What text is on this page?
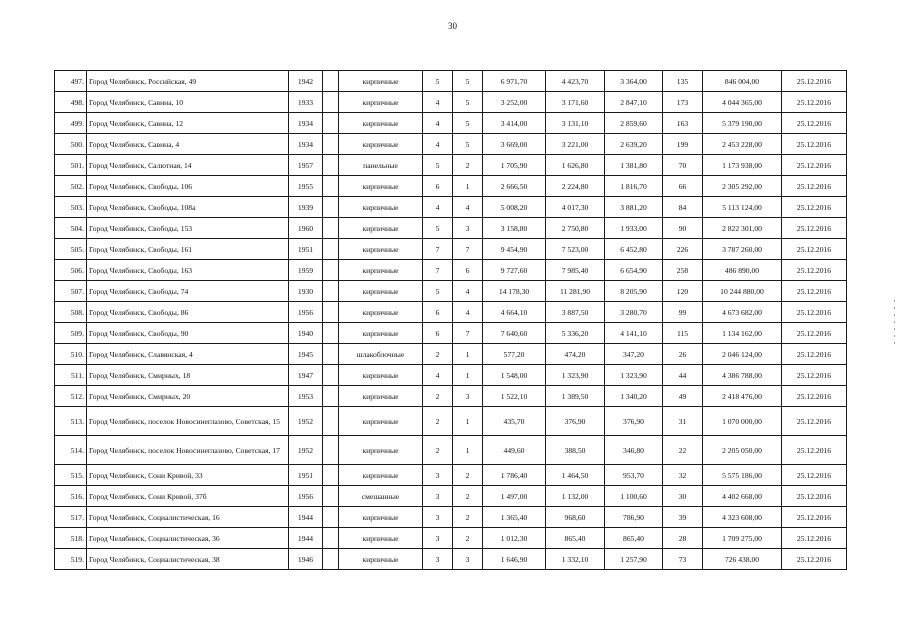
30
497.	Город Челябинск, Российская, 49	1942		кирпичные	5	5	6 971,70	4 423,70	3 364,00	135	846 004,00	25.12.2016
498.	Город Челябинск, Савина, 10	1933		кирпичные	4	5	3 252,00	3 171,60	2 847,10	173	4 044 365,00	25.12.2016
499.	Город Челябинск, Савина, 12	1934		кирпичные	4	5	3 414,00	3 131,10	2 859,60	163	5 379 190,00	25.12.2016
500.	Город Челябинск, Савина, 4	1934		кирпичные	4	5	3 669,00	3 221,00	2 639,20	199	2 453 228,00	25.12.2016
501.	Город Челябинск, Салютная, 14	1957		панельные	5	2	1 705,90	1 626,80	1 381,80	70	1 173 938,00	25.12.2016
502.	Город Челябинск, Свободы, 106	1955		кирпичные	6	1	2 666,50	2 224,80	1 816,70	66	2 305 292,00	25.12.2016
503.	Город Челябинск, Свободы, 108а	1939		кирпичные	4	4	5 008,20	4 017,30	3 881,20	84	5 113 124,00	25.12.2016
504.	Город Челябинск, Свободы, 153	1960		кирпичные	5	3	3 158,80	2 750,80	1 933,00	90	2 822 301,00	25.12.2016
505.	Город Челябинск, Свободы, 161	1951		кирпичные	7	7	9 454,90	7 523,00	6 452,80	226	3 787 260,00	25.12.2016
506.	Город Челябинск, Свободы, 163	1959		кирпичные	7	6	9 727,60	7 985,40	6 654,90	258	486 890,00	25.12.2016
507.	Город Челябинск, Свободы, 74	1930		кирпичные	5	4	14 178,30	11 281,90	8 205,90	120	10 244 880,00	25.12.2016
508.	Город Челябинск, Свободы, 86	1956		кирпичные	6	4	4 664,10	3 887,50	3 280,70	99	4 673 682,00	25.12.2016
509.	Город Челябинск, Свободы, 90	1940		кирпичные	6	7	7 640,60	5 336,20	4 141,10	115	1 134 162,00	25.12.2016
510.	Город Челябинск, Славянская, 4	1945		шлакоблочные	2	1	577,20	474,20	347,20	26	2 046 124,00	25.12.2016
511.	Город Челябинск, Смирных, 18	1947		кирпичные	4	1	1 548,00	1 323,90	1 323,90	44	4 386 788,00	25.12.2016
512.	Город Челябинск, Смирных, 20	1953		кирпичные	2	3	1 522,10	1 389,50	1 340,20	49	2 418 476,00	25.12.2016
513.	Город Челябинск, поселок Новосинеглазово, Советская, 15	1952		кирпичные	2	1	435,70	376,90	376,90	31	1 070 000,00	25.12.2016
514.	Город Челябинск, поселок Новосинеглазово, Советская, 17	1952		кирпичные	2	1	449,60	388,50	346,80	22	2 205 050,00	25.12.2016
515.	Город Челябинск, Сони Кривой, 33	1951		кирпичные	3	2	1 786,40	1 464,50	953,70	32	5 575 186,00	25.12.2016
516.	Город Челябинск, Сони Кривой, 37б	1956		смешанные	3	2	1 497,00	1 132,00	1 100,60	30	4 402 668,00	25.12.2016
517.	Город Челябинск, Социалистическая, 16	1944		кирпичные	3	2	1 365,40	968,60	786,90	39	4 323 608,00	25.12.2016
518.	Город Челябинск, Социалистическая, 36	1944		кирпичные	3	2	1 012,30	865,40	865,40	28	1 709 275,00	25.12.2016
519.	Город Челябинск, Социалистическая, 38	1946		кирпичные	3	3	1 646,90	1 332,10	1 257,90	73	726 438,00	25.12.2016
